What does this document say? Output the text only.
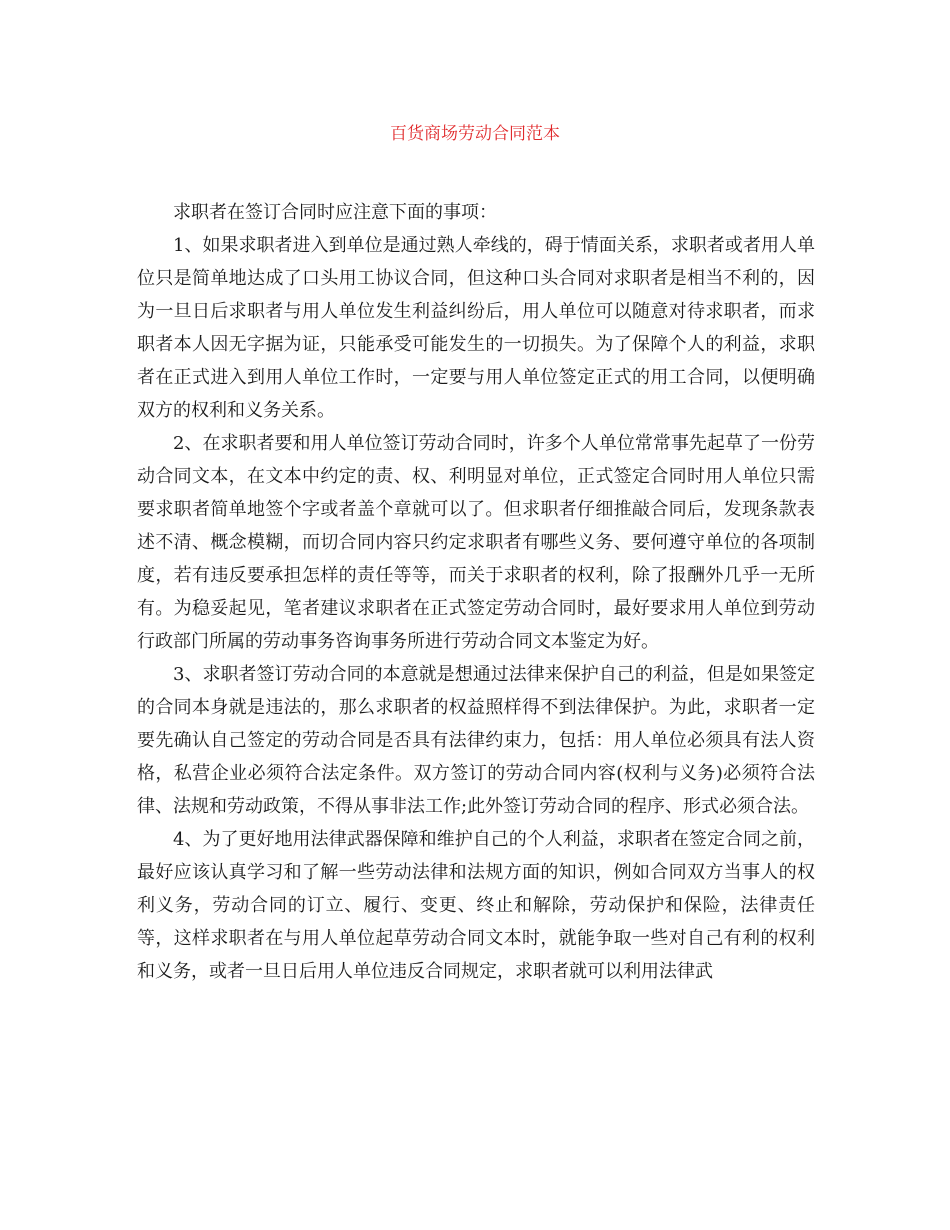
百货商场劳动合同范本

求职者在签订合同时应注意下面的事项：

1、如果求职者进入到单位是通过熟人牵线的，碍于情面关系，求职者或者用人单位只是简单地达成了口头用工协议合同，但这种口头合同对求职者是相当不利的，因为一旦日后求职者与用人单位发生利益纠纷后，用人单位可以随意对待求职者，而求职者本人因无字据为证，只能承受可能发生的一切损失。为了保障个人的利益，求职者在正式进入到用人单位工作时，一定要与用人单位签定正式的用工合同，以便明确双方的权利和义务关系。

2、在求职者要和用人单位签订劳动合同时，许多个人单位常常事先起草了一份劳动合同文本，在文本中约定的责、权、利明显对单位，正式签定合同时用人单位只需要求职者简单地签个字或者盖个章就可以了。但求职者仔细推敲合同后，发现条款表述不清、概念模糊，而切合同内容只约定求职者有哪些义务、要何遵守单位的各项制度，若有违反要承担怎样的责任等等，而关于求职者的权利，除了报酬外几乎一无所有。为稳妥起见，笔者建议求职者在正式签定劳动合同时，最好要求用人单位到劳动行政部门所属的劳动事务咨询事务所进行劳动合同文本鉴定为好。

3、求职者签订劳动合同的本意就是想通过法律来保护自己的利益，但是如果签定的合同本身就是违法的，那么求职者的权益照样得不到法律保护。为此，求职者一定要先确认自己签定的劳动合同是否具有法律约束力，包括：用人单位必须具有法人资格，私营企业必须符合法定条件。双方签订的劳动合同内容(权利与义务)必须符合法律、法规和劳动政策，不得从事非法工作;此外签订劳动合同的程序、形式必须合法。

4、为了更好地用法律武器保障和维护自己的个人利益，求职者在签定合同之前，最好应该认真学习和了解一些劳动法律和法规方面的知识，例如合同双方当事人的权利义务，劳动合同的订立、履行、变更、终止和解除，劳动保护和保险，法律责任等，这样求职者在与用人单位起草劳动合同文本时，就能争取一些对自己有利的权利和义务，或者一旦日后用人单位违反合同规定，求职者就可以利用法律武
